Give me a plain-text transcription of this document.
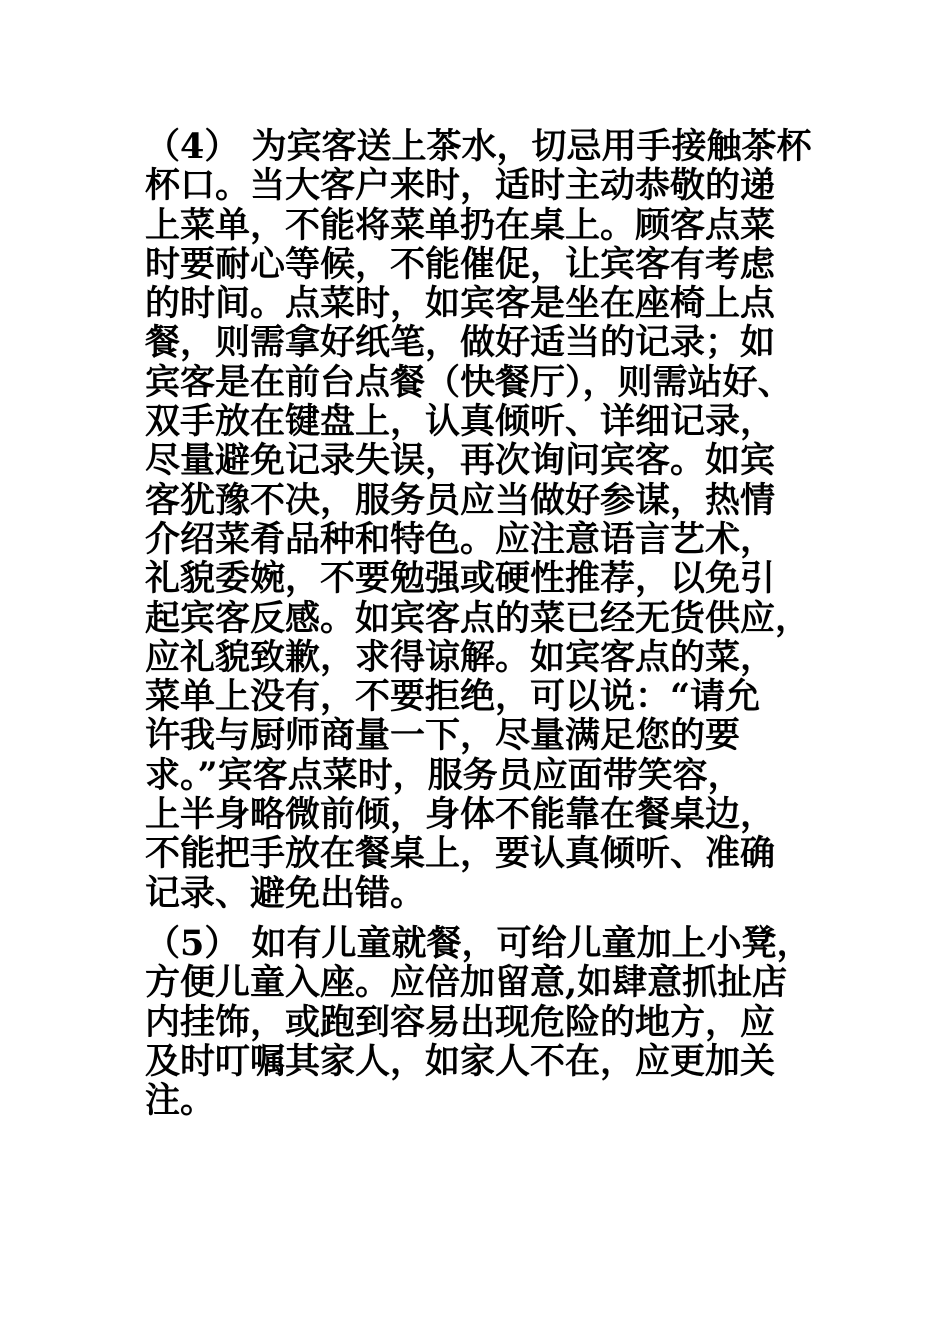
（4） 为宾客送上茶水，切忌用手接触茶杯
杯口。当大客户来时，适时主动恭敬的递
上菜单，不能将菜单扔在桌上。顾客点菜
时要耐心等候，不能催促，让宾客有考虑
的时间。点菜时，如宾客是坐在座椅上点
餐，则需拿好纸笔，做好适当的记录；如
宾客是在前台点餐（快餐厅），则需站好、
双手放在键盘上，认真倾听、详细记录，
尽量避免记录失误，再次询问宾客。如宾
客犹豫不决，服务员应当做好参谋，热情
介绍菜肴品种和特色。应注意语言艺术，
礼貌委婉，不要勉强或硬性推荐，以免引
起宾客反感。如宾客点的菜已经无货供应，
应礼貌致歉，求得谅解。如宾客点的菜，
菜单上没有，不要拒绝，可以说：“请允
许我与厨师商量一下，尽量满足您的要
求。”宾客点菜时，服务员应面带笑容，
上半身略微前倾，身体不能靠在餐桌边，
不能把手放在餐桌上，要认真倾听、准确
记录、避免出错。
（5） 如有儿童就餐，可给儿童加上小凳，
方便儿童入座。应倍加留意,如肆意抓扯店
内挂饰，或跑到容易出现危险的地方，应
及时叮嘱其家人，如家人不在，应更加关
注。
